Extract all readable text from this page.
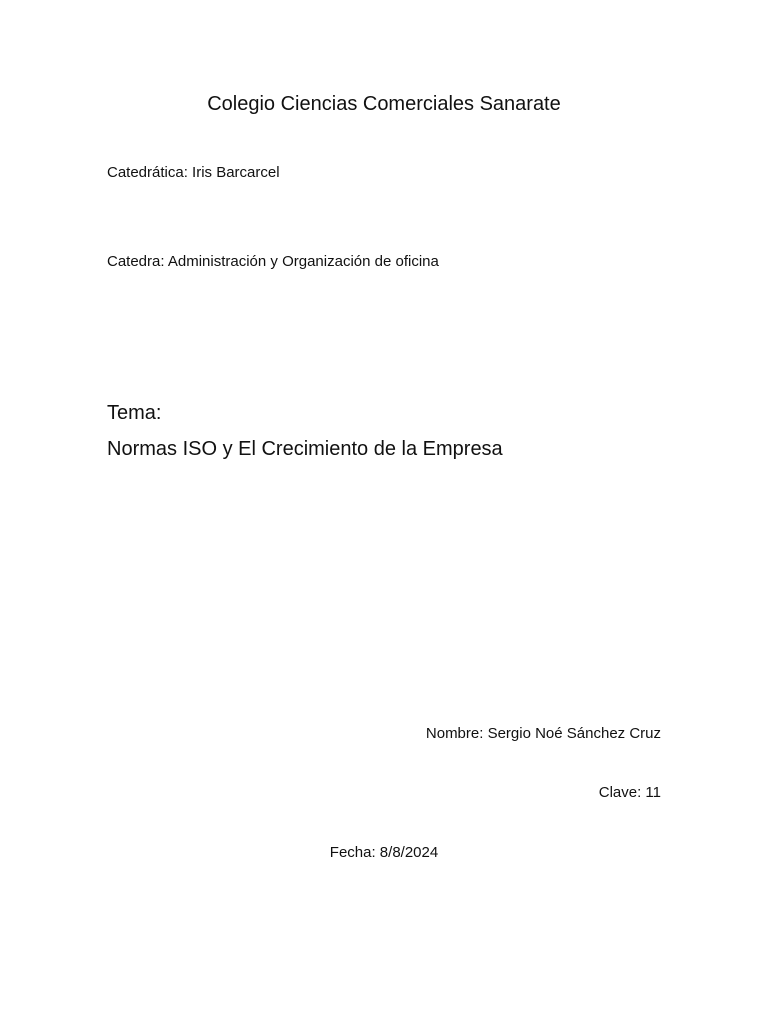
Colegio Ciencias Comerciales Sanarate
Catedrática: Iris Barcarcel
Catedra: Administración y Organización de oficina
Tema:
Normas ISO y El Crecimiento de la Empresa
Nombre: Sergio Noé Sánchez Cruz
Clave: 11
Fecha: 8/8/2024
